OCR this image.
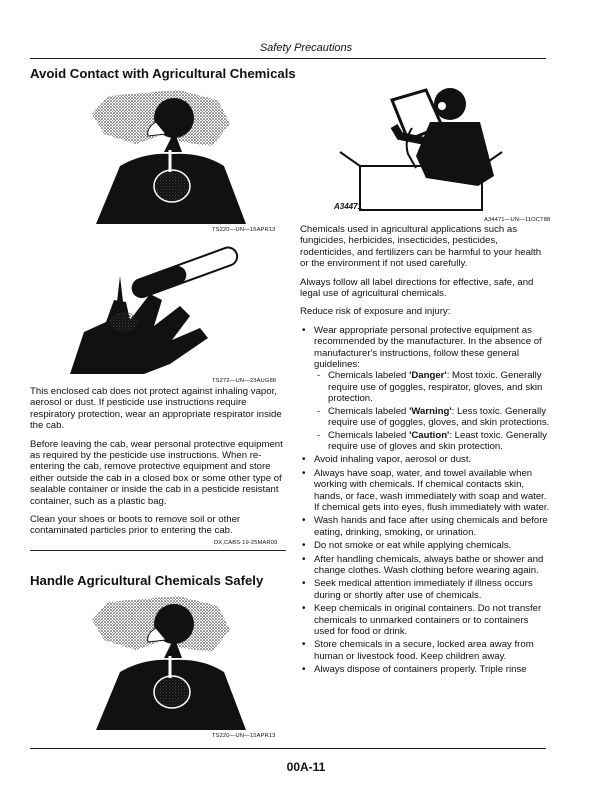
Safety Precautions
Avoid Contact with Agricultural Chemicals
TS220—UN—15APR13
TS272—UN—23AUG88

This enclosed cab does not protect against inhaling vapor, aerosol or dust. If pesticide use instructions require respiratory protection, wear an appropriate respirator inside the cab.

Before leaving the cab, wear personal protective equipment as required by the pesticide use instructions. When re-entering the cab, remove protective equipment and store either outside the cab in a closed box or some other type of sealable container or inside the cab in a pesticide resistant container, such as a plastic bag.

Clean your shoes or boots to remove soil or other contaminated particles prior to entering the cab.

DX,CABS-19-25MAR09
Handle Agricultural Chemicals Safely
TS220—UN—15APR13
A34471
A34471—UN—11OCT88

Chemicals used in agricultural applications such as fungicides, herbicides, insecticides, pesticides, rodenticides, and fertilizers can be harmful to your health or the environment if not used carefully.

Always follow all label directions for effective, safe, and legal use of agricultural chemicals.

Reduce risk of exposure and injury:

• Wear appropriate personal protective equipment as recommended by the manufacturer. In the absence of manufacturer's instructions, follow these general guidelines:
- Chemicals labeled 'Danger': Most toxic. Generally require use of goggles, respirator, gloves, and skin protection.
- Chemicals labeled 'Warning': Less toxic. Generally require use of goggles, gloves, and skin protections.
- Chemicals labeled 'Caution': Least toxic. Generally require use of gloves and skin protection.
• Avoid inhaling vapor, aerosol or dust.
• Always have soap, water, and towel available when working with chemicals. If chemical contacts skin, hands, or face, wash immediately with soap and water. If chemical gets into eyes, flush immediately with water.
• Wash hands and face after using chemicals and before eating, drinking, smoking, or urination.
• Do not smoke or eat while applying chemicals.
• After handling chemicals, always bathe or shower and change clothes. Wash clothing before wearing again.
• Seek medical attention immediately if illness occurs during or shortly after use of chemicals.
• Keep chemicals in original containers. Do not transfer chemicals to unmarked containers or to containers used for food or drink.
• Store chemicals in a secure, locked area away from human or livestock food. Keep children away.
• Always dispose of containers properly. Triple rinse
00A-11
